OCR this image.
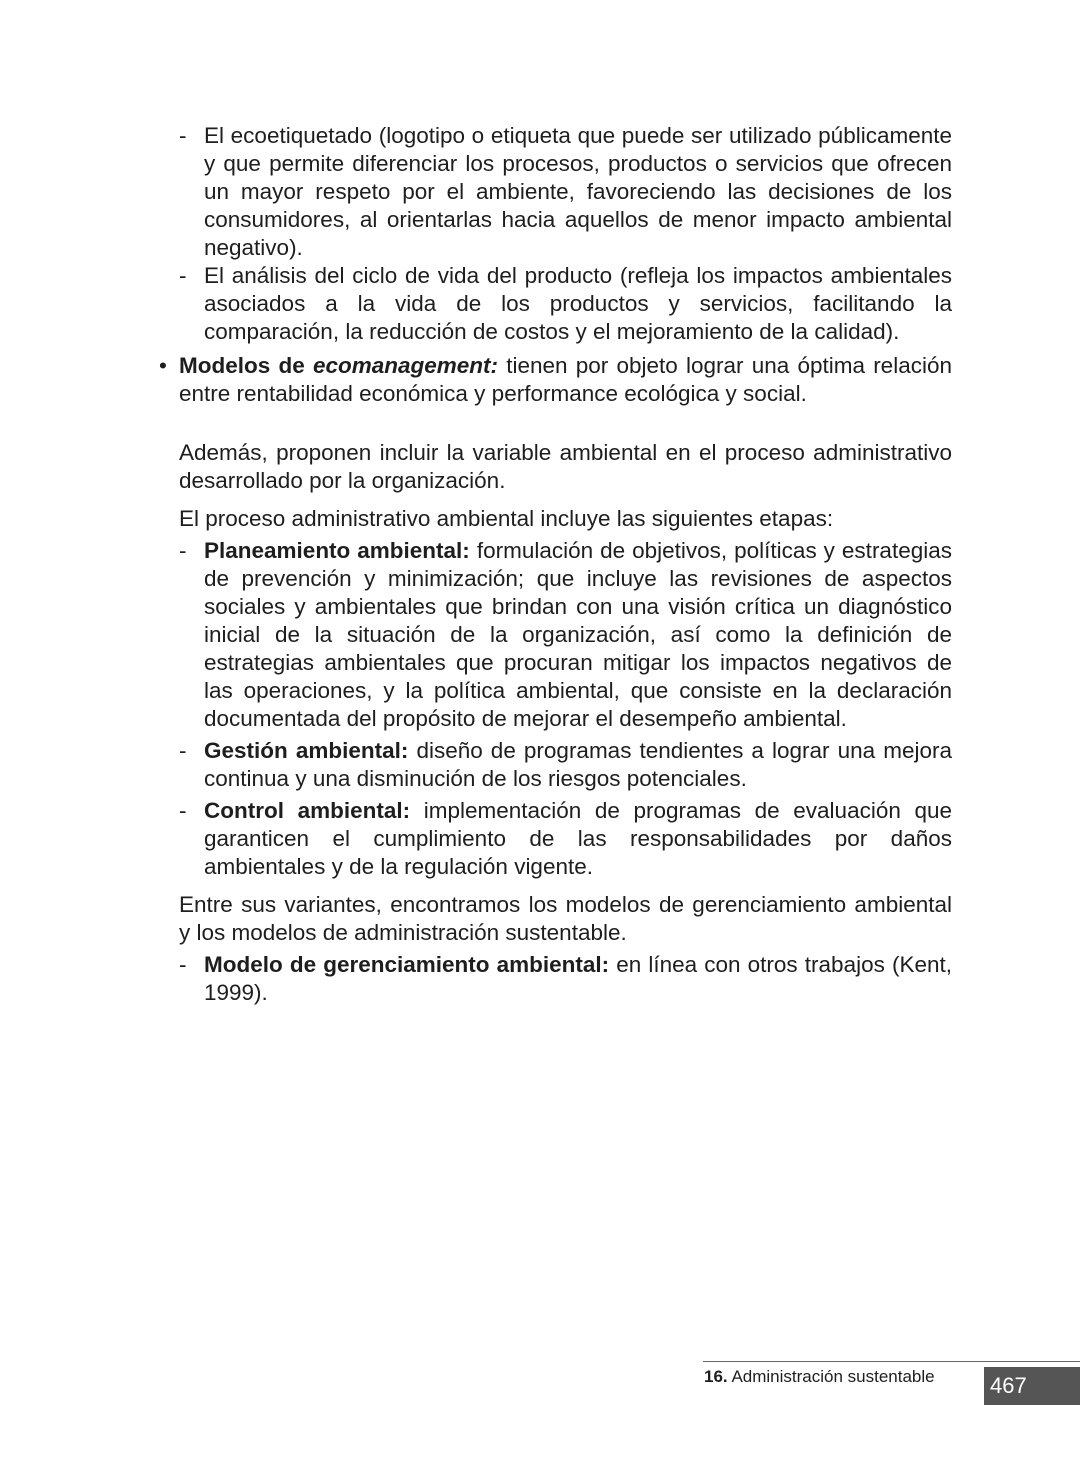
- El ecoetiquetado (logotipo o etiqueta que puede ser utilizado públicamente y que permite diferenciar los procesos, productos o servicios que ofrecen un mayor respeto por el ambiente, favoreciendo las decisiones de los consumidores, al orientarlas hacia aquellos de menor impacto ambiental negativo).

- El análisis del ciclo de vida del producto (refleja los impactos ambientales asociados a la vida de los productos y servicios, facilitando la comparación, la reducción de costos y el mejoramiento de la calidad).

• Modelos de ecomanagement: tienen por objeto lograr una óptima relación entre rentabilidad económica y performance ecológica y social.

Además, proponen incluir la variable ambiental en el proceso administrativo desarrollado por la organización.

El proceso administrativo ambiental incluye las siguientes etapas:

- Planeamiento ambiental: formulación de objetivos, políticas y estrategias de prevención y minimización; que incluye las revisiones de aspectos sociales y ambientales que brindan con una visión crítica un diagnóstico inicial de la situación de la organización, así como la definición de estrategias ambientales que procuran mitigar los impactos negativos de las operaciones, y la política ambiental, que consiste en la declaración documentada del propósito de mejorar el desempeño ambiental.

- Gestión ambiental: diseño de programas tendientes a lograr una mejora continua y una disminución de los riesgos potenciales.

- Control ambiental: implementación de programas de evaluación que garanticen el cumplimiento de las responsabilidades por daños ambientales y de la regulación vigente.

Entre sus variantes, encontramos los modelos de gerenciamiento ambiental y los modelos de administración sustentable.

- Modelo de gerenciamiento ambiental: en línea con otros trabajos (Kent, 1999).

16. Administración sustentable	467
